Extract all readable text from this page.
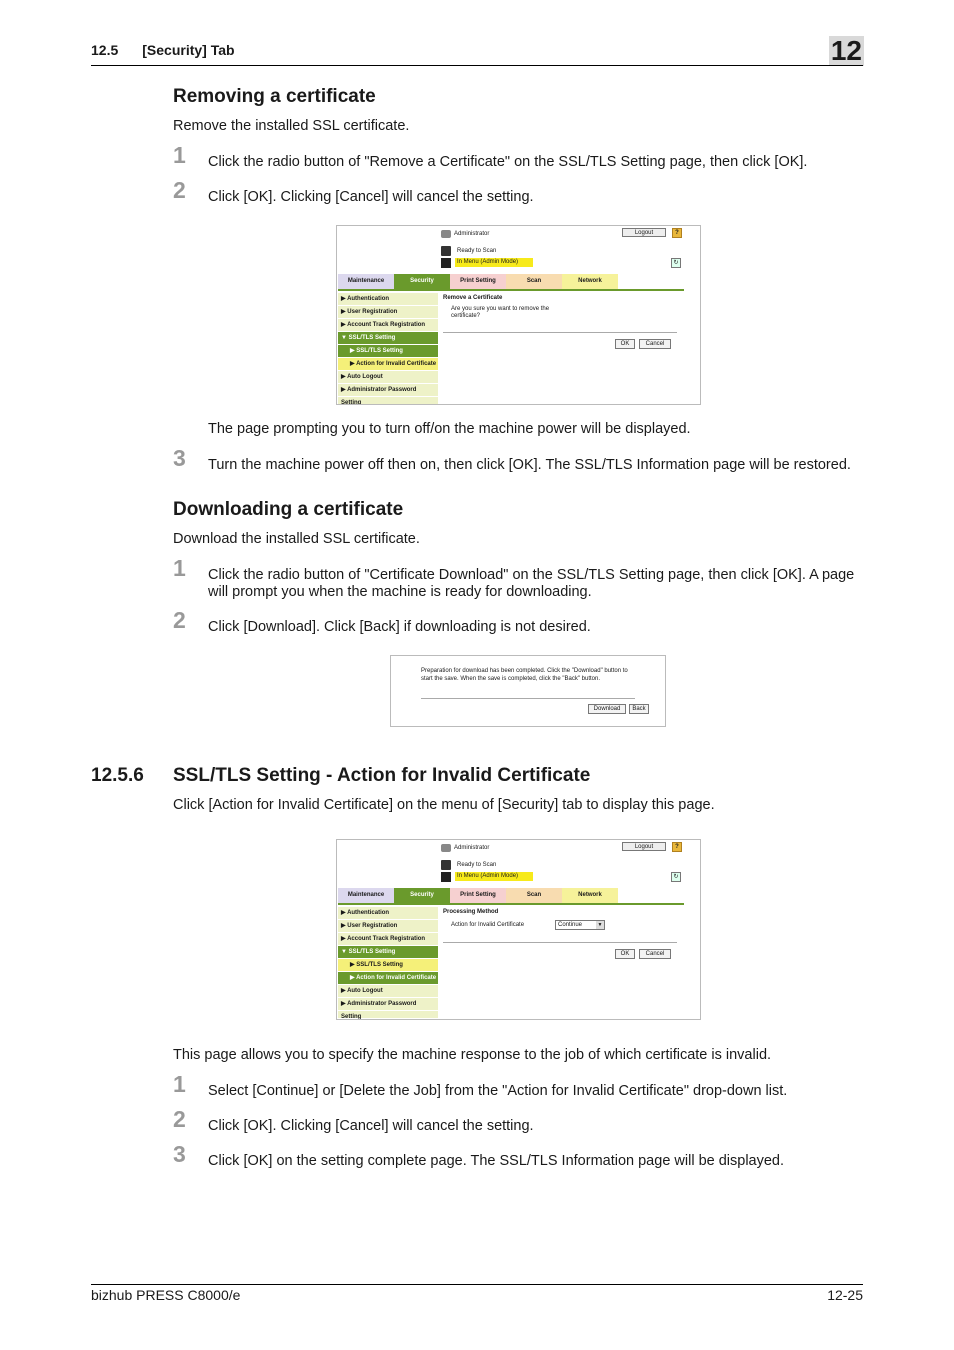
12.5 [Security] Tab	12
Removing a certificate
Remove the installed SSL certificate.
1 Click the radio button of "Remove a Certificate" on the SSL/TLS Setting page, then click [OK].
2 Click [OK]. Clicking [Cancel] will cancel the setting.
Administrator	Logout	?
Ready to Scan
In Menu (Admin Mode)	↻
Maintenance	Security	Print Setting	Scan	Network
▶ Authentication
▶ User Registration
▶ Account Track Registration
▼ SSL/TLS Setting
▶ SSL/TLS Setting
▶ Action for Invalid Certificate
▶ Auto Logout
▶ Administrator Password Setting
Remove a Certificate
Are you sure you want to remove the certificate?
OK	Cancel
The page prompting you to turn off/on the machine power will be displayed.
3 Turn the machine power off then on, then click [OK]. The SSL/TLS Information page will be restored.
Downloading a certificate
Download the installed SSL certificate.
1 Click the radio button of "Certificate Download" on the SSL/TLS Setting page, then click [OK]. A page will prompt you when the machine is ready for downloading.
2 Click [Download]. Click [Back] if downloading is not desired.
Preparation for download has been completed. Click the "Download" button to start the save. When the save is completed, click the "Back" button.
Download	Back
12.5.6 SSL/TLS Setting - Action for Invalid Certificate
Click [Action for Invalid Certificate] on the menu of [Security] tab to display this page.
Administrator	Logout	?
Ready to Scan
In Menu (Admin Mode)	↻
Maintenance	Security	Print Setting	Scan	Network
▶ Authentication
▶ User Registration
▶ Account Track Registration
▼ SSL/TLS Setting
▶ SSL/TLS Setting
▶ Action for Invalid Certificate
▶ Auto Logout
▶ Administrator Password Setting
Processing Method
Action for Invalid Certificate	Continue	▼
OK	Cancel
This page allows you to specify the machine response to the job of which certificate is invalid.
1 Select [Continue] or [Delete the Job] from the "Action for Invalid Certificate" drop-down list.
2 Click [OK]. Clicking [Cancel] will cancel the setting.
3 Click [OK] on the setting complete page. The SSL/TLS Information page will be displayed.
bizhub PRESS C8000/e	12-25
